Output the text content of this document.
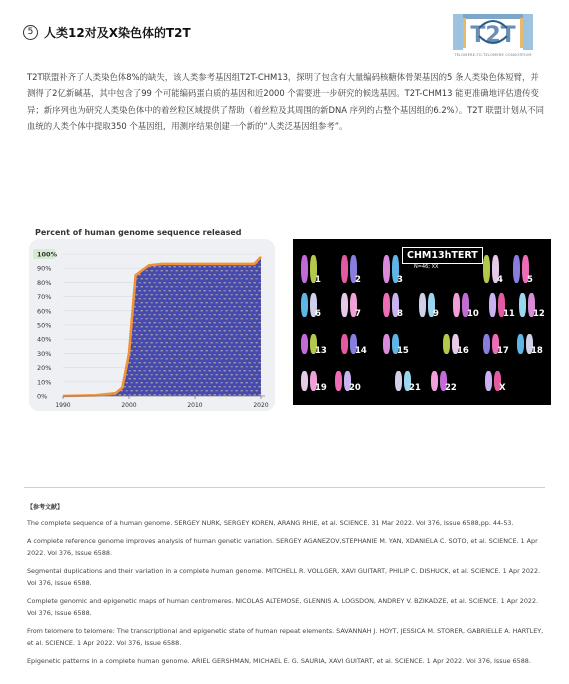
5 人类12对及X染色体的T2T	T2T
TELOMERE-TO-TELOMERE CONSORTIUM

T2T联盟补齐了人类染色体8%的缺失，该人类参考基因组T2T-CHM13，探明了包含有大量编码核糖体骨架基因的5 条人类染色体短臂，并测得了2亿新碱基，其中包含了99 个可能编码蛋白质的基因和近2000 个需要进一步研究的候选基因。T2T-CHM13 能更准确地评估遗传变异；新序列也为研究人类染色体中的着丝粒区域提供了帮助（着丝粒及其周围的新DNA 序列约占整个基因组的6.2%）。T2T 联盟计划从不同血统的人类个体中提取350 个基因组，用测序结果创建一个新的“人类泛基因组参考”。

Percent of human genome sequence released
0%
10%
20%
30%
40%
50%
60%
70%
80%
90%
100%
1990	2000	2010	2020
CHM13hTERT
N=46; XX
1	2	3	4	5
6	7	8	9	10	11 12
13	14	15	16	17	18
19	20	21	22	X
【参考文献】

The complete sequence of a human genome. SERGEY NURK, SERGEY KOREN, ARANG RHIE, et al. SCIENCE. 31 Mar 2022. Vol 376, Issue 6588,pp. 44-53.

A complete reference genome improves analysis of human genetic variation. SERGEY AGANEZOV,STEPHANIE M. YAN, XDANIELA C. SOTO, et al. SCIENCE. 1 Apr 2022. Vol 376, Issue 6588.

Segmental duplications and their variation in a complete human genome. MITCHELL R. VOLLGER, XAVI GUITART, PHILIP C. DISHUCK, et al. SCIENCE. 1 Apr 2022. Vol 376, Issue 6588.

Complete genomic and epigenetic maps of human centromeres. NICOLAS ALTEMOSE, GLENNIS A. LOGSDON, ANDREY V. BZIKADZE, et al. SCIENCE. 1 Apr 2022. Vol 376, Issue 6588.

From telomere to telomere: The transcriptional and epigenetic state of human repeat elements. SAVANNAH J. HOYT, JESSICA M. STORER, GABRIELLE A. HARTLEY, et al. SCIENCE. 1 Apr 2022. Vol 376, Issue 6588.

Epigenetic patterns in a complete human genome. ARIEL GERSHMAN, MICHAEL E. G. SAURIA, XAVI GUITART, et al. SCIENCE. 1 Apr 2022. Vol 376, Issue 6588.
